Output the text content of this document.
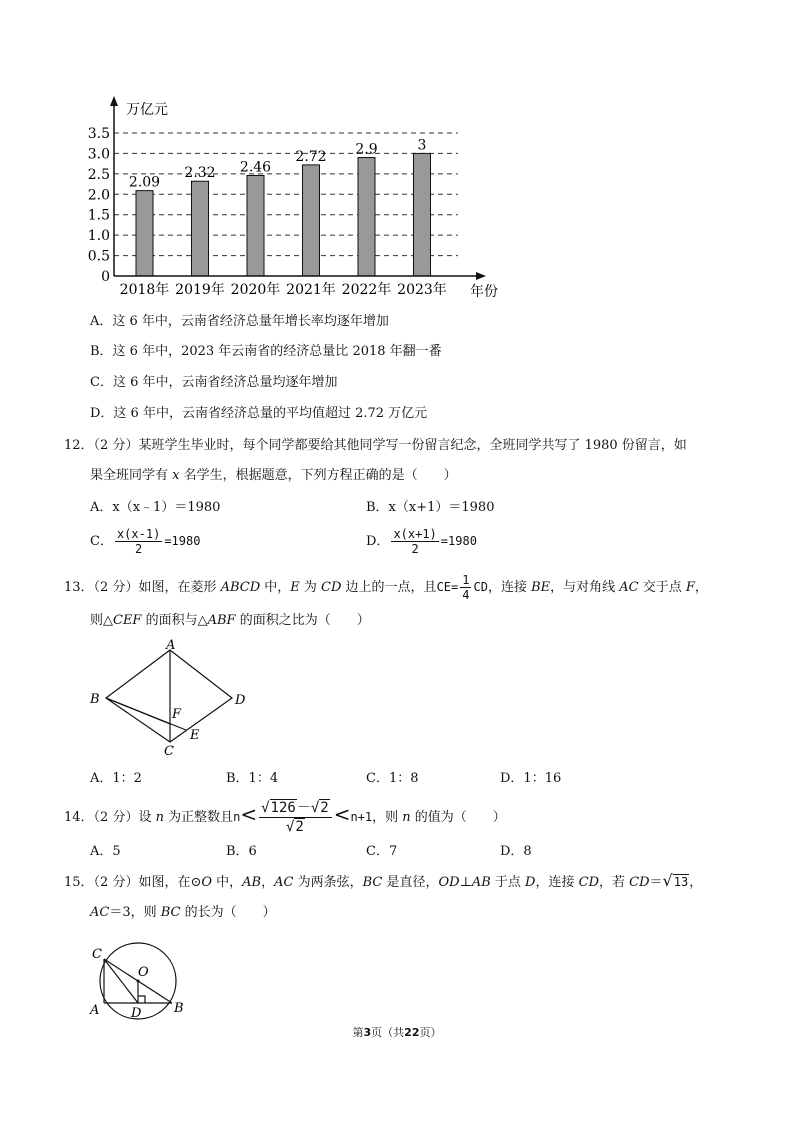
0
0.5
1.0
1.5
2.0
2.5
3.0
3.5
2018年 2019年 2020年 2021年 2022年 2023年
2.09
2.32 2.46
2.72 2.9	3
万亿元
年份
A．这 6 年中，云南省经济总量年增长率均逐年增加
B．这 6 年中，2023 年云南省的经济总量比 2018 年翻一番
C．这 6 年中，云南省经济总量均逐年增加
D．这 6 年中，云南省经济总量的平均值超过 2.72 万亿元
12．（2 分）某班学生毕业时，每个同学都要给其他同学写一份留言纪念，全班同学共写了 1980 份留言，如
果全班同学有 x 名学生，根据题意，下列方程正确的是（　　）
A．x（x﹣1）＝1980	B．x（x+1）＝1980
C． $\frac{x(x-1)}{2} =1980$	D． $\frac{x(x+1)}{2} =1980$
13．（2 分）如图，在菱形 ABCD 中，E 为 CD 边上的一点，且$CE= \frac{1}{4}$ CD，连接 BE，与对角线 AC 交于点 F，
则△CEF 的面积与△ABF 的面积之比为（　　）
A
B
C
D
E
F
A．1：2	B．1：4	C．1：8	D．1：16
14．（2 分）设 n 为正整数且$n< \frac{√126-√2}{√2} <n+1$，则 n 的值为（　　）
A．5	B．6	C．7	D．8
15．（2 分）如图，在⊙O 中，AB，AC 为两条弦，BC 是直径，OD⊥AB 于点 D，连接 CD，若 CD＝√13，
AC＝3，则 BC 的长为（　　）
C
O
A D	B
第3页（共22页）
